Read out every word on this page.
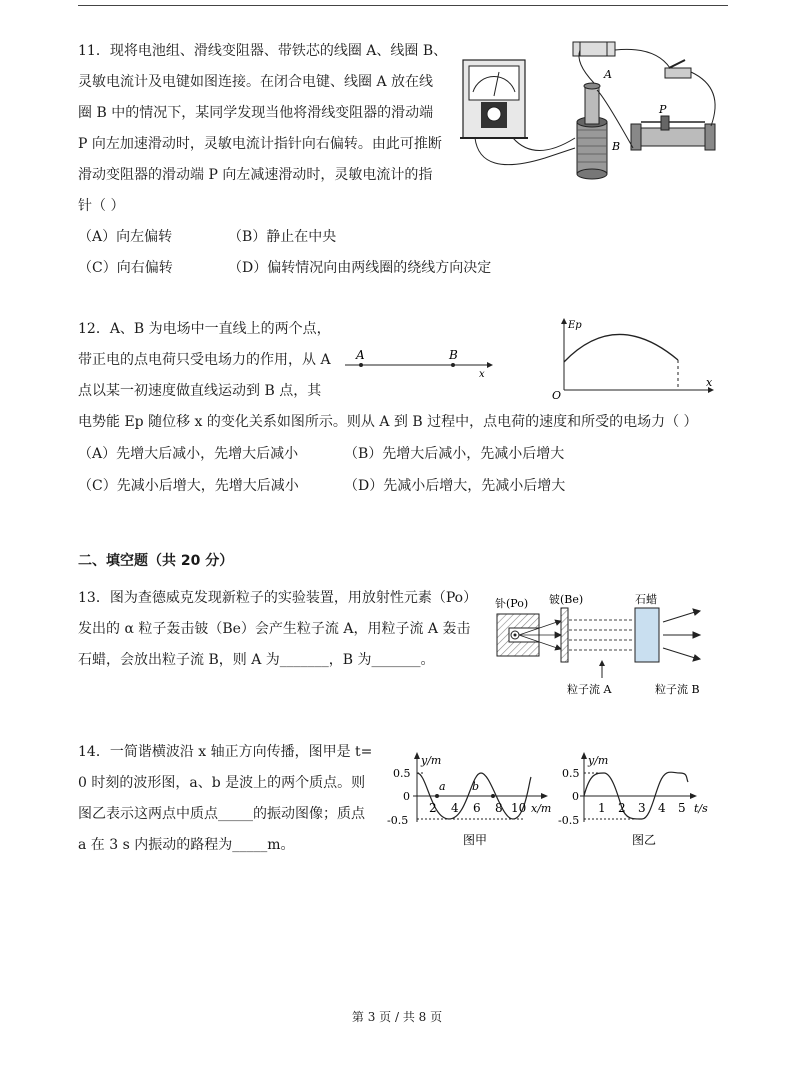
11．现将电池组、滑线变阻器、带铁芯的线圈 A、线圈 B、
灵敏电流计及电键如图连接。在闭合电键、线圈 A 放在线
圈 B 中的情况下，某同学发现当他将滑线变阻器的滑动端
P 向左加速滑动时，灵敏电流计指针向右偏转。由此可推断
滑动变阻器的滑动端 P 向左减速滑动时，灵敏电流计的指
针（ ）
（A）向左偏转	（B）静止在中央
（C）向右偏转	（D）偏转情况向由两线圈的绕线方向决定
A
B
P
12．A、B 为电场中一直线上的两个点，
带正电的点电荷只受电场力的作用，从 A
点以某一初速度做直线运动到 B 点，其
电势能 Ep 随位移 x 的变化关系如图所示。则从 A 到 B 过程中，点电荷的速度和所受的电场力（ ）
（A）先增大后减小，先增大后减小	（B）先增大后减小，先减小后增大
（C）先减小后增大，先增大后减小	（D）先减小后增大，先减小后增大
A	B
x
Ep
O
x
二、填空题（共 20 分）
13．图为查德威克发现新粒子的实验装置，用放射性元素（Po）
发出的 α 粒子轰击铍（Be）会产生粒子流 A，用粒子流 A 轰击
石蜡，会放出粒子流 B，则 A 为_______，B 为_______。
钋(Po) 铍(Be)	石蜡
粒子流 A	粒子流 B
14．一简谐横波沿 x 轴正方向传播，图甲是 t=
0 时刻的波形图，a、b 是波上的两个质点。则
图乙表示这两点中质点_____的振动图像；质点
a 在 3 s 内振动的路程为_____m。
y/m
0.5
0
-0.5
a b
2 4 6 8 10 x/m
图甲
y/m
0.5
0
-0.5
1 2 3 4 5 t/s
图乙
第 3 页 / 共 8 页
